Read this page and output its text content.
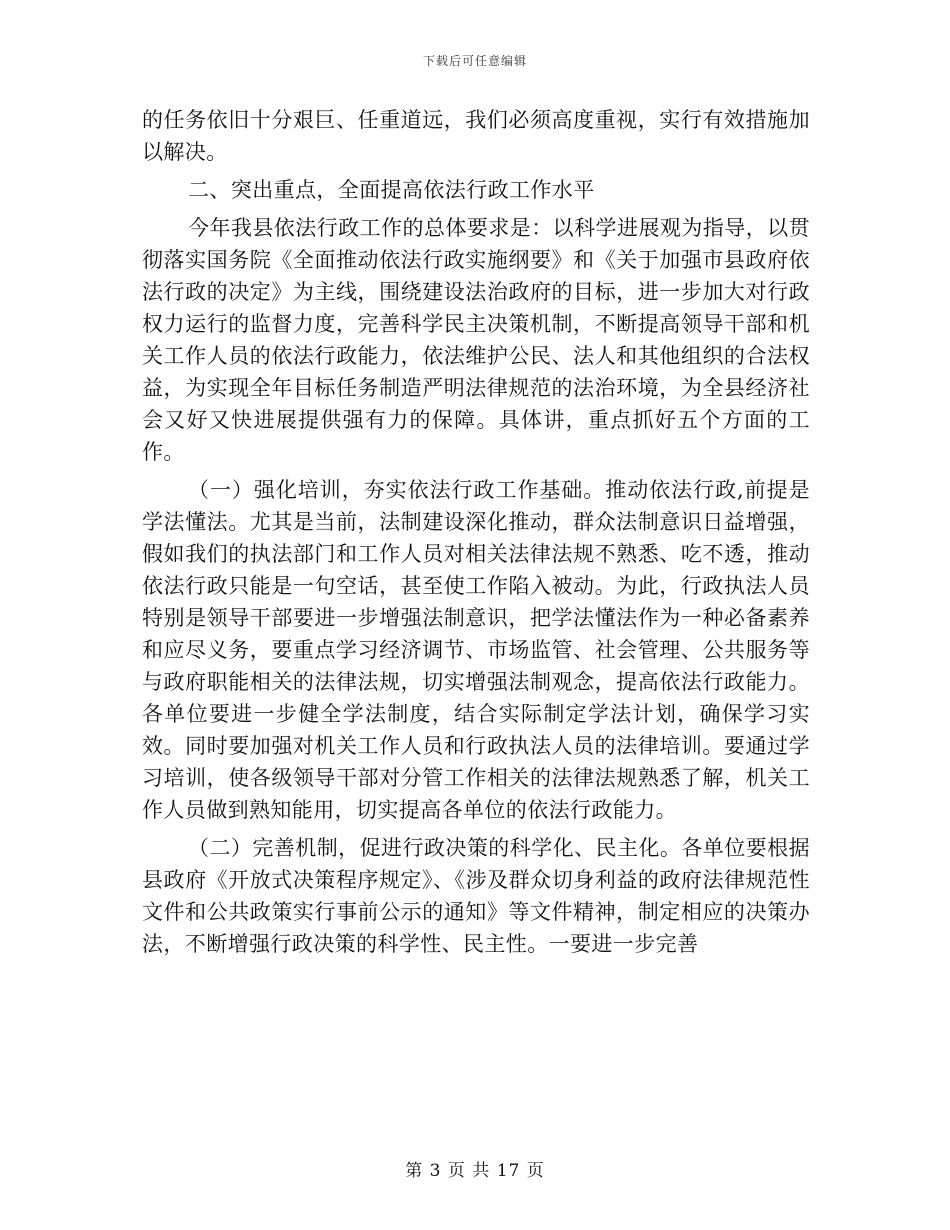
下载后可任意编辑

的任务依旧十分艰巨、任重道远，我们必须高度重视，实行有效措施加以解决。

二、突出重点，全面提高依法行政工作水平

今年我县依法行政工作的总体要求是：以科学进展观为指导，以贯彻落实国务院《全面推动依法行政实施纲要》和《关于加强市县政府依法行政的决定》为主线，围绕建设法治政府的目标，进一步加大对行政权力运行的监督力度，完善科学民主决策机制，不断提高领导干部和机关工作人员的依法行政能力，依法维护公民、法人和其他组织的合法权益，为实现全年目标任务制造严明法律规范的法治环境，为全县经济社会又好又快进展提供强有力的保障。具体讲，重点抓好五个方面的工作。

（一）强化培训，夯实依法行政工作基础。推动依法行政,前提是学法懂法。尤其是当前，法制建设深化推动，群众法制意识日益增强，假如我们的执法部门和工作人员对相关法律法规不熟悉、吃不透，推动依法行政只能是一句空话，甚至使工作陷入被动。为此，行政执法人员特别是领导干部要进一步增强法制意识，把学法懂法作为一种必备素养和应尽义务，要重点学习经济调节、市场监管、社会管理、公共服务等与政府职能相关的法律法规，切实增强法制观念，提高依法行政能力。各单位要进一步健全学法制度，结合实际制定学法计划，确保学习实效。同时要加强对机关工作人员和行政执法人员的法律培训。要通过学习培训，使各级领导干部对分管工作相关的法律法规熟悉了解，机关工作人员做到熟知能用，切实提高各单位的依法行政能力。

（二）完善机制，促进行政决策的科学化、民主化。各单位要根据县政府《开放式决策程序规定》、《涉及群众切身利益的政府法律规范性文件和公共政策实行事前公示的通知》等文件精神，制定相应的决策办法，不断增强行政决策的科学性、民主性。一要进一步完善

第 3 页 共 17 页
